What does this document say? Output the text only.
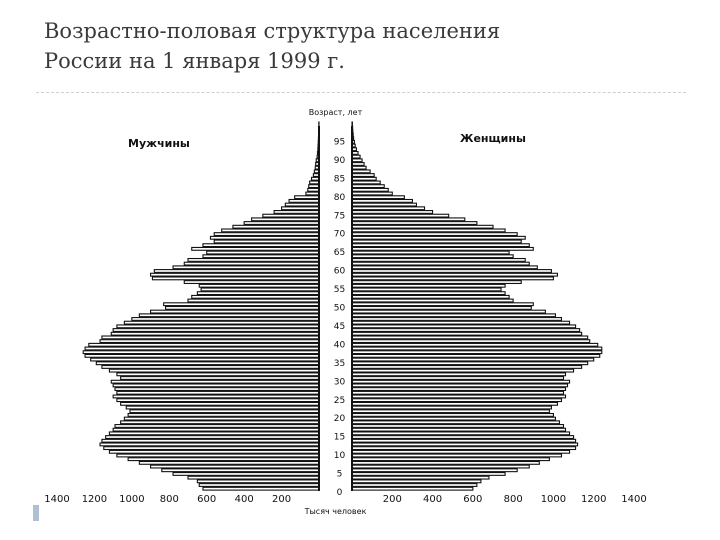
Возрастно-половая структура населения
России на 1 января 1999 г.
0
5
10
15
20
25
30
35
40
45
50
55
60
65
70
75
80
85
90
95
1400 1200 1000 800 600 400 200	200 400 600 800 1000 1200 1400
Возраст, лет
Мужчины	Женщины
Тысяч человек
